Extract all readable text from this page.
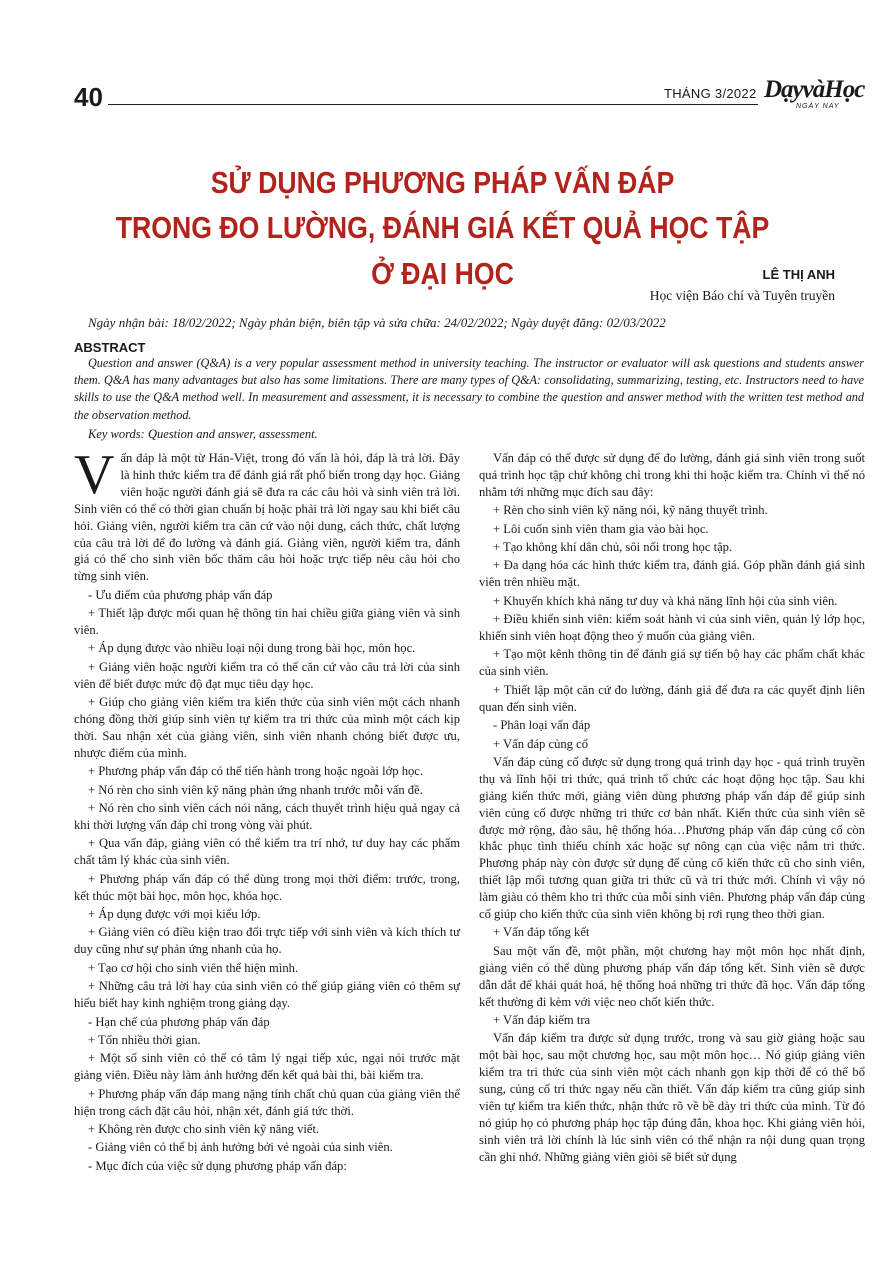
40	THÁNG 3/2022 DạyvàHọc
NGÀY NAY
SỬ DỤNG PHƯƠNG PHÁP VẤN ĐÁP
TRONG ĐO LƯỜNG, ĐÁNH GIÁ KẾT QUẢ HỌC TẬP Ở ĐẠI HỌC	LÊ THỊ ANH
Học viện Báo chí và Tuyên truyền
Ngày nhận bài: 18/02/2022; Ngày phản biện, biên tập và sửa chữa: 24/02/2022; Ngày duyệt đăng: 02/03/2022
ABSTRACT

Question and answer (Q&A) is a very popular assessment method in university teaching. The instructor or evaluator will ask questions and students answer them. Q&A has many advantages but also has some limitations. There are many types of Q&A: consolidating, summarizing, testing, etc. Instructors need to have skills to use the Q&A method well. In measurement and assessment, it is necessary to combine the question and answer method with the written test method and the observation method.

Key words: Question and answer, assessment.

Vấn đáp là một từ Hán-Việt, trong đó vấn là hỏi, đáp là trả lời. Đây là hình thức kiểm tra để đánh giá rất phổ biến trong dạy học. Giảng viên hoặc người đánh giá sẽ đưa ra các câu hỏi và sinh viên trả lời. Sinh viên có thể có thời gian chuẩn bị hoặc phải trả lời ngay sau khi biết câu hỏi. Giảng viên, người kiểm tra căn cứ vào nội dung, cách thức, chất lượng của câu trả lời để đo lường và đánh giá. Giảng viên, người kiểm tra, đánh giá có thể cho sinh viên bốc thăm câu hỏi hoặc trực tiếp nêu câu hỏi cho từng sinh viên.

- Ưu điểm của phương pháp vấn đáp

+ Thiết lập được mối quan hệ thông tin hai chiều giữa giảng viên và sinh viên.

+ Áp dụng được vào nhiều loại nội dung trong bài học, môn học.

+ Giảng viên hoặc người kiểm tra có thể căn cứ vào câu trả lời của sinh viên để biết được mức độ đạt mục tiêu dạy học.

+ Giúp cho giảng viên kiểm tra kiến thức của sinh viên một cách nhanh chóng đồng thời giúp sinh viên tự kiểm tra tri thức của mình một cách kịp thời. Sau nhận xét của giảng viên, sinh viên nhanh chóng biết được ưu, nhược điểm của mình.

+ Phương pháp vấn đáp có thể tiến hành trong hoặc ngoài lớp học.

+ Nó rèn cho sinh viên kỹ năng phản ứng nhanh trước mỗi vấn đề.

+ Nó rèn cho sinh viên cách nói năng, cách thuyết trình hiệu quả ngay cả khi thời lượng vấn đáp chỉ trong vòng vài phút.

+ Qua vấn đáp, giảng viên có thể kiểm tra trí nhớ, tư duy hay các phẩm chất tâm lý khác của sinh viên.

+ Phương pháp vấn đáp có thể dùng trong mọi thời điểm: trước, trong, kết thúc một bài học, môn học, khóa học.

+ Áp dụng được với mọi kiểu lớp.

+ Giảng viên có điều kiện trao đổi trực tiếp với sinh viên và kích thích tư duy cũng như sự phản ứng nhanh của họ.

+ Tạo cơ hội cho sinh viên thể hiện mình.

+ Những câu trả lời hay của sinh viên có thể giúp giảng viên có thêm sự hiểu biết hay kinh nghiệm trong giảng dạy.

- Hạn chế của phương pháp vấn đáp

+ Tốn nhiều thời gian.

+ Một số sinh viên có thể có tâm lý ngại tiếp xúc, ngại nói trước mặt giảng viên. Điều này làm ảnh hưởng đến kết quả bài thi, bài kiểm tra.

+ Phương pháp vấn đáp mang nặng tính chất chủ quan của giảng viên thể hiện trong cách đặt câu hỏi, nhận xét, đánh giá tức thời.

+ Không rèn được cho sinh viên kỹ năng viết.

- Giảng viên có thể bị ảnh hưởng bởi vẻ ngoài của sinh viên.

- Mục đích của việc sử dụng phương pháp vấn đáp:

Vấn đáp có thể được sử dụng để đo lường, đánh giá sinh viên trong suốt quá trình học tập chứ không chỉ trong khi thi hoặc kiểm tra. Chính vì thế nó nhằm tới những mục đích sau đây:

+ Rèn cho sinh viên kỹ năng nói, kỹ năng thuyết trình.

+ Lôi cuốn sinh viên tham gia vào bài học.

+ Tạo không khí dân chủ, sôi nổi trong học tập.

+ Đa dạng hóa các hình thức kiểm tra, đánh giá. Góp phần đánh giá sinh viên trên nhiều mặt.

+ Khuyến khích khả năng tư duy và khả năng lĩnh hội của sinh viên.

+ Điều khiển sinh viên: kiểm soát hành vi của sinh viên, quản lý lớp học, khiến sinh viên hoạt động theo ý muốn của giảng viên.

+ Tạo một kênh thông tin để đánh giá sự tiến bộ hay các phẩm chất khác của sinh viên.

+ Thiết lập một căn cứ đo lường, đánh giá để đưa ra các quyết định liên quan đến sinh viên.

- Phân loại vấn đáp

+ Vấn đáp củng cố

Vấn đáp củng cố được sử dụng trong quá trình dạy học - quá trình truyền thụ và lĩnh hội tri thức, quá trình tổ chức các hoạt động học tập. Sau khi giảng kiến thức mới, giảng viên dùng phương pháp vấn đáp để giúp sinh viên củng cố được những tri thức cơ bản nhất. Kiến thức của sinh viên sẽ được mở rộng, đào sâu, hệ thống hóa…Phương pháp vấn đáp củng cố còn khắc phục tình thiếu chính xác hoặc sự nông cạn của việc nắm tri thức. Phương pháp này còn được sử dụng để củng cố kiến thức cũ cho sinh viên, thiết lập mối tương quan giữa tri thức cũ và tri thức mới. Chính vì vậy nó làm giàu có thêm kho tri thức của mỗi sinh viên. Phương pháp vấn đáp củng cố giúp cho kiến thức của sinh viên không bị rơi rụng theo thời gian.

+ Vấn đáp tổng kết

Sau một vấn đề, một phần, một chương hay một môn học nhất định, giảng viên có thể dùng phương pháp vấn đáp tổng kết. Sinh viên sẽ được dẫn dắt để khái quát hoá, hệ thống hoá những tri thức đã học. Vấn đáp tổng kết thường đi kèm với việc neo chốt kiến thức.

+ Vấn đáp kiểm tra

Vấn đáp kiểm tra được sử dụng trước, trong và sau giờ giảng hoặc sau một bài học, sau một chương học, sau một môn học… Nó giúp giảng viên kiểm tra tri thức của sinh viên một cách nhanh gọn kịp thời để có thể bổ sung, củng cố tri thức ngay nếu cần thiết. Vấn đáp kiểm tra cũng giúp sinh viên tự kiểm tra kiến thức, nhận thức rõ về bề dày tri thức của mình. Từ đó nó giúp họ có phương pháp học tập đúng đắn, khoa học. Khi giảng viên hỏi, sinh viên trả lời chính là lúc sinh viên có thể nhận ra nội dung quan trọng cần ghi nhớ. Những giảng viên giỏi sẽ biết sử dụng
